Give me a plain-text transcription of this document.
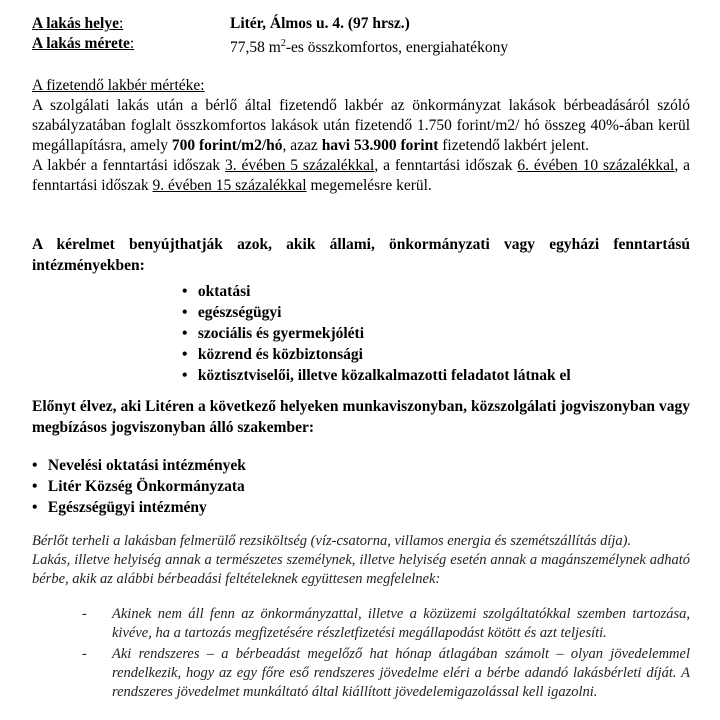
A lakás helye:	Litér, Álmos u. 4. (97 hrsz.)
A lakás mérete:	77,58 $m^2-es$ összkomfortos, energiahatékony
A fizetendő lakbér mértéke:
A szolgálati lakás után a bérlő által fizetendő lakbér az önkormányzat lakások bérbeadásáról szóló szabályzatában foglalt összkomfortos lakások után fizetendő 1.750 forint/m2/ hó összeg 40%-ában kerül megállapításra, amely 700 forint/m2/hó, azaz havi 53.900 forint fizetendő lakbért jelent.
A lakbér a fenntartási időszak 3. évében 5 százalékkal, a fenntartási időszak 6. évében 10 százalékkal, a fenntartási időszak 9. évében 15 százalékkal megemelésre kerül.
A kérelmet benyújthatják azok, akik állami, önkormányzati vagy egyházi fenntartású intézményekben:
• oktatási
• egészségügyi
• szociális és gyermekjóléti
• közrend és közbiztonsági
• köztisztviselői, illetve közalkalmazotti feladatot látnak el
Előnyt élvez, aki Litéren a következő helyeken munkaviszonyban, közszolgálati jogviszonyban vagy megbízásos jogviszonyban álló szakember:
• Nevelési oktatási intézmények
• Litér Község Önkormányzata
• Egészségügyi intézmény
Bérlőt terheli a lakásban felmerülő rezsiköltség (víz-csatorna, villamos energia és szemétszállítás díja).
Lakás, illetve helyiség annak a természetes személynek, illetve helyiség esetén annak a magánszemélynek adható bérbe, akik az alábbi bérbeadási feltételeknek együttesen megfelelnek:
-	Akinek nem áll fenn az önkormányzattal, illetve a közüzemi szolgáltatókkal szemben tartozása, kivéve, ha a tartozás megfizetésére részletfizetési megállapodást kötött és azt teljesíti.
-	Aki rendszeres – a bérbeadást megelőző hat hónap átlagában számolt – olyan jövedelemmel rendelkezik, hogy az egy főre eső rendszeres jövedelme eléri a bérbe adandó lakásbérleti díját. A rendszeres jövedelmet munkáltató által kiállított jövedelemigazolással kell igazolni.
